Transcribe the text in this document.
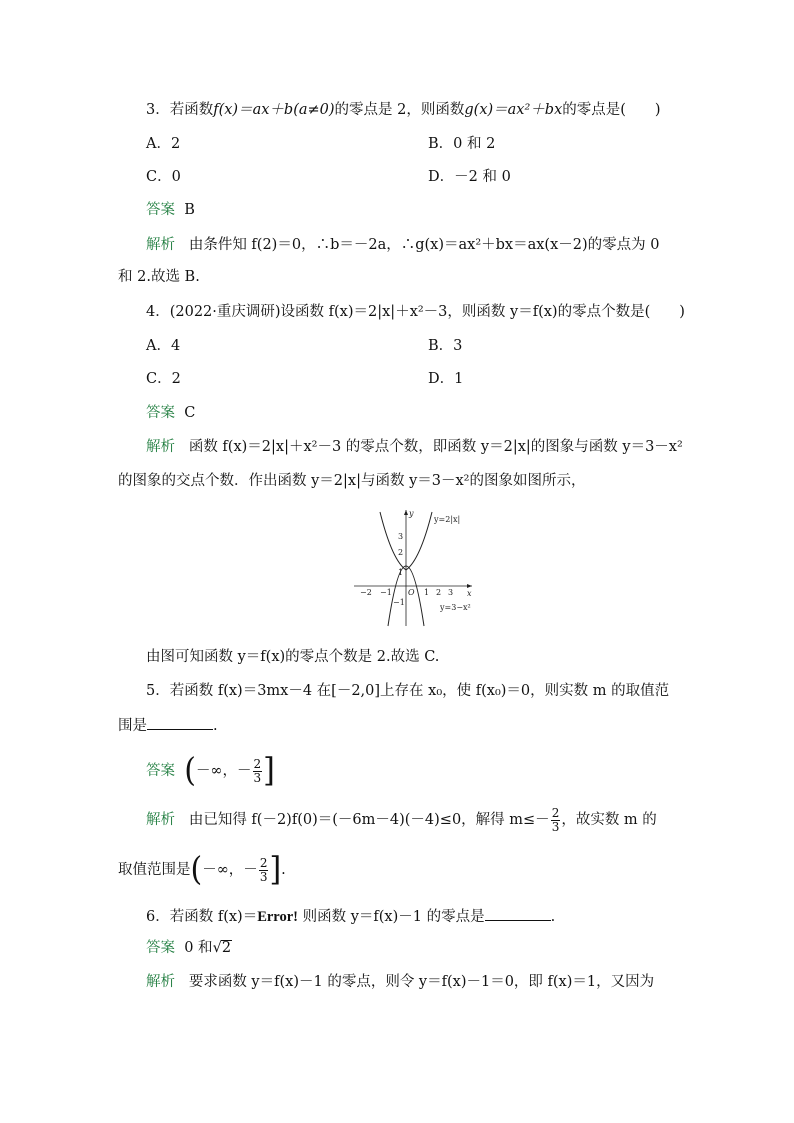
3．若函数f(x)＝ax＋b(a≠0)的零点是 2，则函数g(x)＝ax²＋bx的零点是(　　)
A．2	B．0 和 2
C．0	D．－2 和 0
答案 B
解析 由条件知 f(2)＝0，∴b＝－2a，∴g(x)＝ax²＋bx＝ax(x－2)的零点为 0
和 2.故选 B.
4．(2022·重庆调研)设函数 f(x)＝2|x|＋x²－3，则函数 y＝f(x)的零点个数是(　　)
A．4	B．3
C．2	D．1
答案 C
解析 函数 f(x)＝2|x|＋x²－3 的零点个数，即函数 y＝2|x|的图象与函数 y＝3－x²
的图象的交点个数．作出函数 y＝2|x|与函数 y＝3－x²的图象如图所示，
y=2|x|
y=3−x²
y
x
O
−2 −1	1 2 3
3
2
1
−1
由图可知函数 y＝f(x)的零点个数是 2.故选 C.
5．若函数 f(x)＝3mx－4 在[－2,0]上存在 x₀，使 f(x₀)＝0，则实数 m 的取值范
围是	.
答案 (－∞，－ $\frac{2}{3}$ ]
解析 由已知得 f(－2)f(0)＝(－6m－4)(－4)≤0，解得 $m\le- \frac{2}{3}$ ，故实数 m 的
取值范围是(－∞，－ $\frac{2}{3}$ ].
6．若函数 f(x)＝Error! 则函数 y＝f(x)－1 的零点是	.
答案 0 和√2
解析 要求函数 y＝f(x)－1 的零点，则令 y＝f(x)－1＝0，即 f(x)＝1，又因为
